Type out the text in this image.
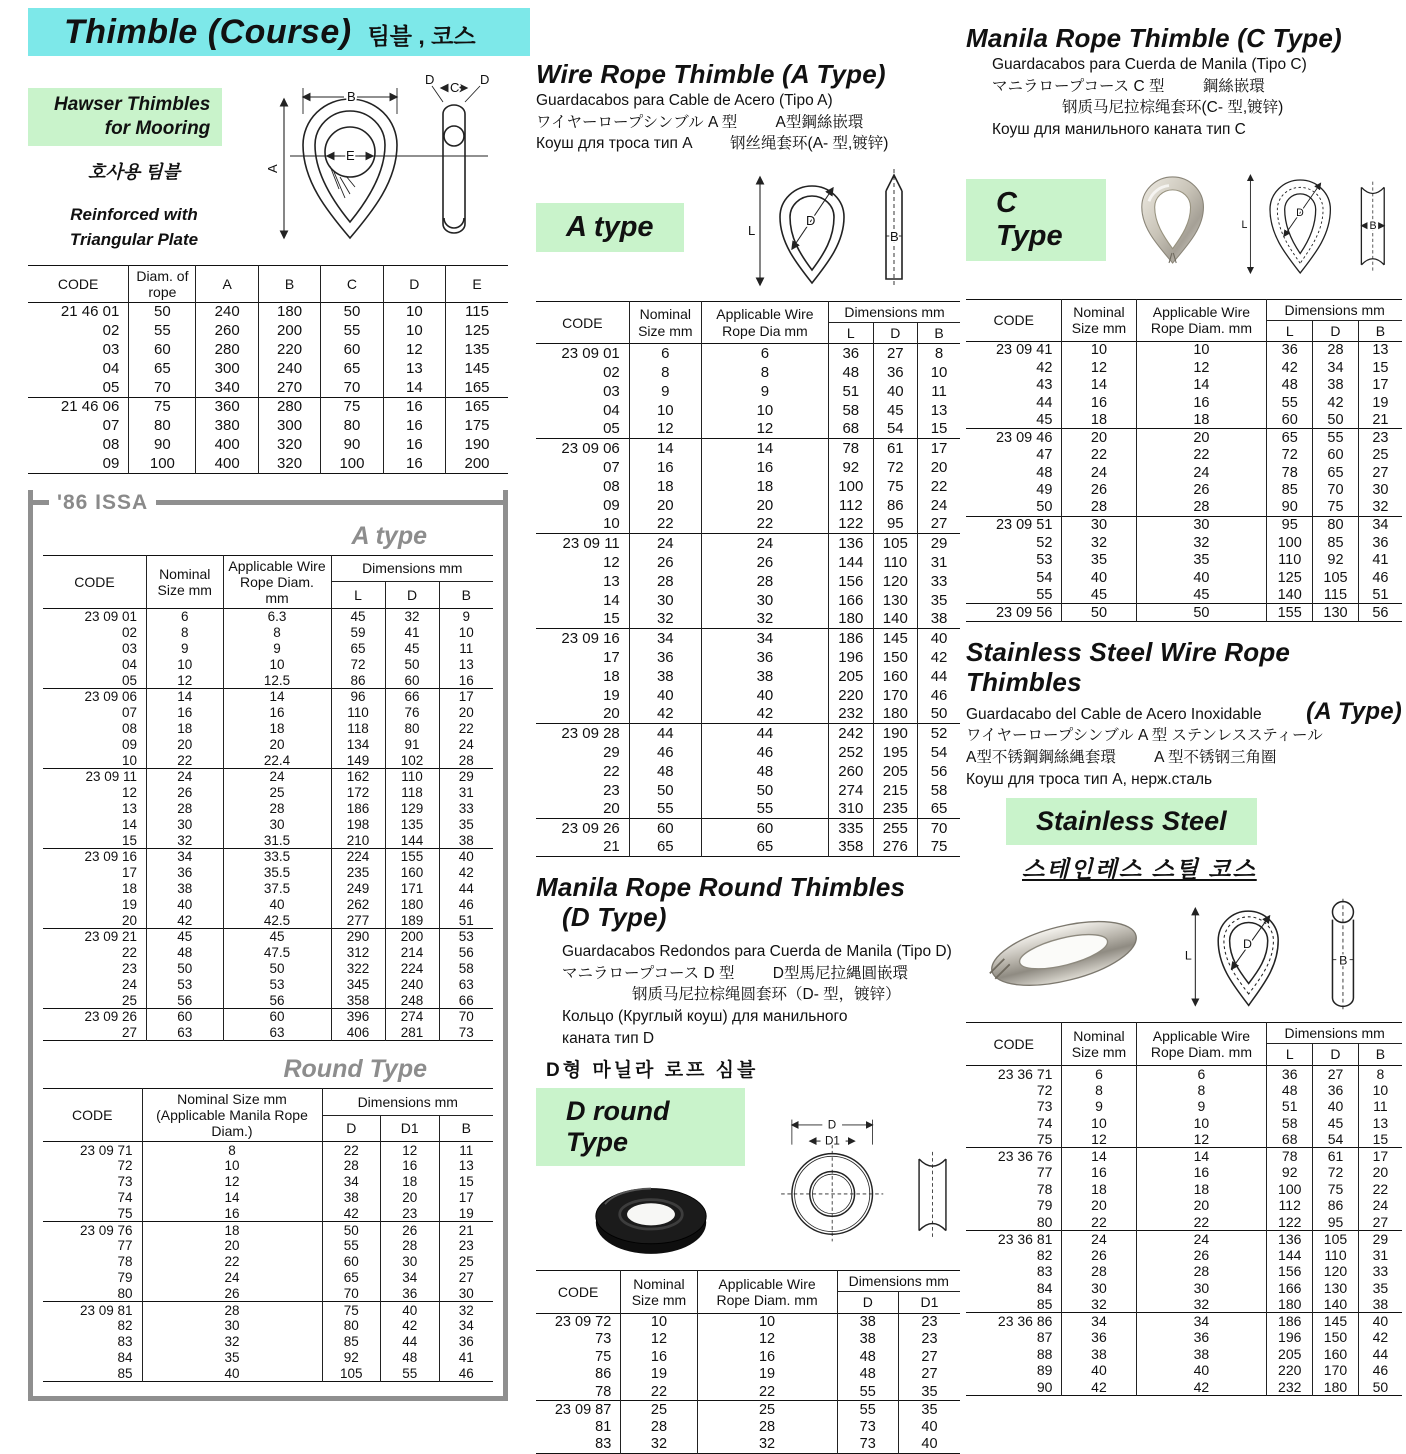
Thimble (Course) 팀블 , 코스
Hawser Thimbles
for Mooring
호사용 팀블
Reinforced with
Triangular Plate
A
B
E
C
D	D
CODE	Diam. of rope	A	B	C	D	E
21 46 01	50	240	180	50	10	115
02	55	260	200	55	10	125
03	60	280	220	60	12	135
04	65	300	240	65	13	145
05	70	340	270	70	14	165
21 46 06	75	360	280	75	16	165
07	80	380	300	80	16	175
08	90	400	320	90	16	190
09	100	400	320	100	16	200
'86 ISSA
A type
CODE	Nominal Size mm	Applicable Wire Rope Diam. mm	Dimensions mm		
			L	D	B
23 09 01	6	6.3	45	32	9
02	8	8	59	41	10
03	9	9	65	45	11
04	10	10	72	50	13
05	12	12.5	86	60	16
23 09 06	14	14	96	66	17
07	16	16	110	76	20
08	18	18	118	80	22
09	20	20	134	91	24
10	22	22.4	149	102	28
23 09 11	24	24	162	110	29
12	26	25	172	118	31
13	28	28	186	129	33
14	30	30	198	135	35
15	32	31.5	210	144	38
23 09 16	34	33.5	224	155	40
17	36	35.5	235	160	42
18	38	37.5	249	171	44
19	40	40	262	180	46
20	42	42.5	277	189	51
23 09 21	45	45	290	200	53
22	48	47.5	312	214	56
23	50	50	322	224	58
24	53	53	345	240	63
25	56	56	358	248	66
23 09 26	60	60	396	274	70
27	63	63	406	281	73
Round Type
CODE	Nominal Size mm (Applicable Manila Rope Diam.)	Dimensions mm		
		D	D1	B
23 09 71	8	22	12	11
72	10	28	16	13
73	12	34	18	15
74	14	38	20	17
75	16	42	23	19
23 09 76	18	50	26	21
77	20	55	28	23
78	22	60	30	25
79	24	65	34	27
80	26	70	36	30
23 09 81	28	75	40	32
82	30	80	42	34
83	32	85	44	36
84	35	92	48	41
85	40	105	55	46
Wire Rope Thimble (A Type)
Guardacabos para Cable de Acero (Tipo A)
ワイヤーロープシンブル A 型 A型鋼絲嵌環
Коуш для троса тип A 钢丝绳套环(A- 型,镀锌)
A type	L
D
B
CODE	Nominal Size mm	Applicable Wire Rope Dia mm	Dimensions mm		
			L	D	B
23 09 01	6	6	36	27	8
02	8	8	48	36	10
03	9	9	51	40	11
04	10	10	58	45	13
05	12	12	68	54	15
23 09 06	14	14	78	61	17
07	16	16	92	72	20
08	18	18	100	75	22
09	20	20	112	86	24
10	22	22	122	95	27
23 09 11	24	24	136	105	29
12	26	26	144	110	31
13	28	28	156	120	33
14	30	30	166	130	35
15	32	32	180	140	38
23 09 16	34	34	186	145	40
17	36	36	196	150	42
18	38	38	205	160	44
19	40	40	220	170	46
20	42	42	232	180	50
23 09 28	44	44	242	190	52
29	46	46	252	195	54
22	48	48	260	205	56
23	50	50	274	215	58
20	55	55	310	235	65
23 09 26	60	60	335	255	70
21	65	65	358	276	75
Manila Rope Round Thimbles
(D Type)
Guardacabos Redondos para Cuerda de Manila (Tipo D)
マニラロープコース D 型 D型馬尼拉縄圓嵌環
钢质马尼拉棕绳圆套环（D- 型，镀锌）
Кольцо (Круглый коуш) для манильного
каната тип D
D형 마닐라 로프 심블
D round Type
D
D1
CODE	Nominal Size mm	Applicable Wire Rope Diam. mm	Dimensions mm	
			D	D1
23 09 72	10	10	38	23
73	12	12	38	23
75	16	16	48	27
86	19	19	48	27
78	22	22	55	35
23 09 87	25	25	55	35
81	28	28	73	40
83	32	32	73	40
Manila Rope Thimble (C Type)
Guardacabos para Cuerda de Manila (Tipo C)
マニラロープコース C 型 鋼絲嵌環
钢质马尼拉棕绳套环(C- 型,镀锌)
Коуш для манильного каната тип C
C Type	L
D
B
CODE	Nominal Size mm	Applicable Wire Rope Diam. mm	Dimensions mm		
			L	D	B
23 09 41	10	10	36	28	13
42	12	12	42	34	15
43	14	14	48	38	17
44	16	16	55	42	19
45	18	18	60	50	21
23 09 46	20	20	65	55	23
47	22	22	72	60	25
48	24	24	78	65	27
49	26	26	85	70	30
50	28	28	90	75	32
23 09 51	30	30	95	80	34
52	32	32	100	85	36
53	35	35	110	92	41
54	40	40	125	105	46
55	45	45	140	115	51
23 09 56	50	50	155	130	56
Stainless Steel Wire Rope Thimbles
Guardacabo del Cable de Acero Inoxidable (A Type)
ワイヤーロープシンブル A 型 ステンレススティール
A型不锈鋼鋼絲縄套環 A 型不锈钢三角圈
Коуш для троса тип A, нерж.сталь
Stainless Steel
스테인레스 스틸 코스
L
D
B
CODE	Nominal Size mm	Applicable Wire Rope Diam. mm	Dimensions mm		
			L	D	B
23 36 71	6	6	36	27	8
72	8	8	48	36	10
73	9	9	51	40	11
74	10	10	58	45	13
75	12	12	68	54	15
23 36 76	14	14	78	61	17
77	16	16	92	72	20
78	18	18	100	75	22
79	20	20	112	86	24
80	22	22	122	95	27
23 36 81	24	24	136	105	29
82	26	26	144	110	31
83	28	28	156	120	33
84	30	30	166	130	35
85	32	32	180	140	38
23 36 86	34	34	186	145	40
87	36	36	196	150	42
88	38	38	205	160	44
89	40	40	220	170	46
90	42	42	232	180	50
